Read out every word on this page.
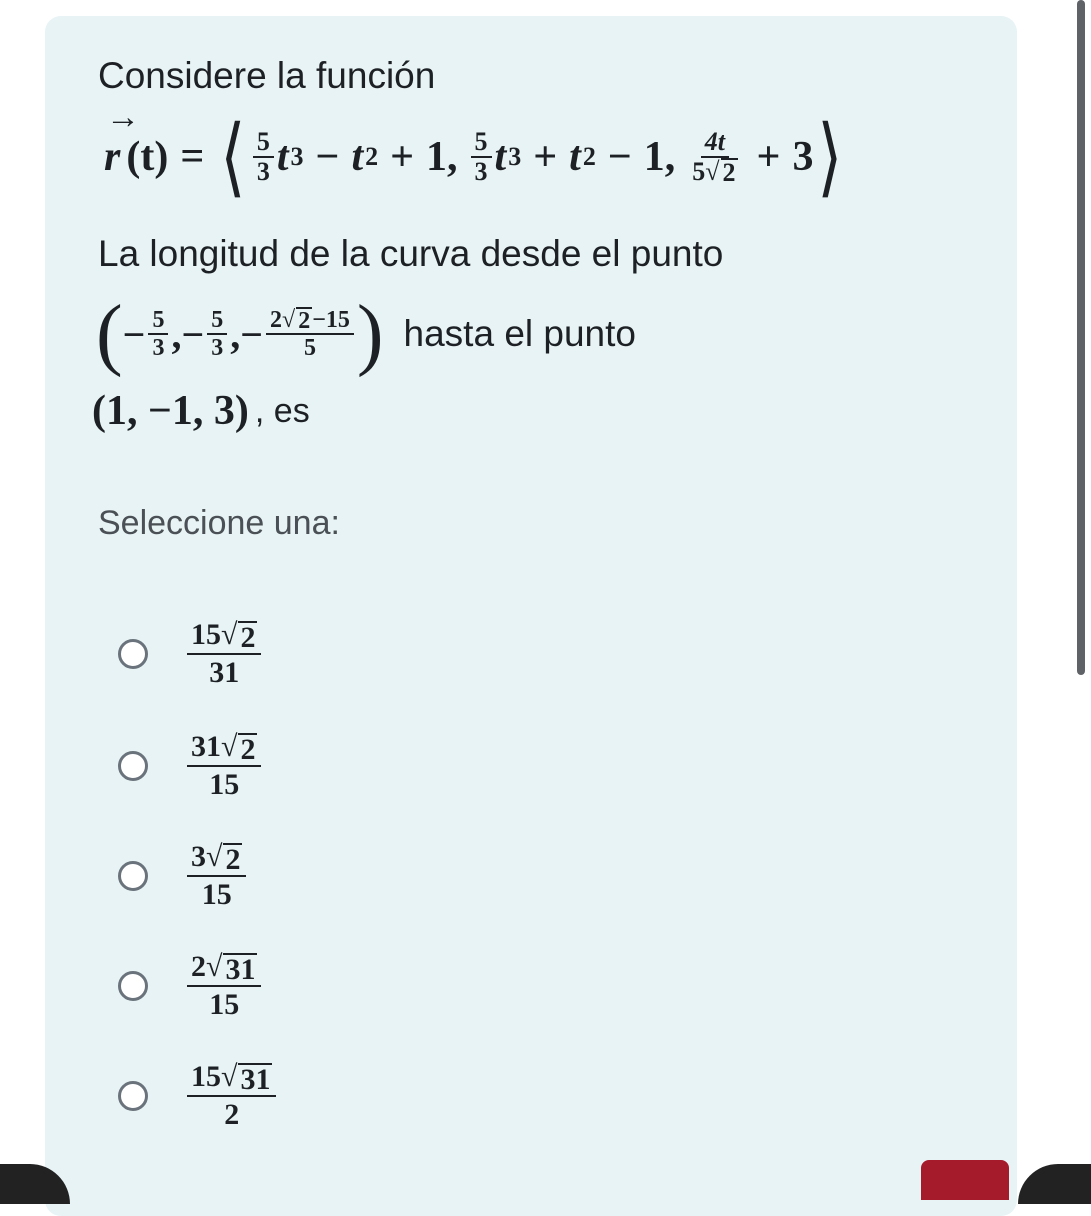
Considere la función

→
r (t) = ⟨ $\frac{5}{3}$ t 3 − t 2 + 1 , $\frac{5}{3}$ t 3 + t 2 − 1 , $\frac{4t}{5 √ 2} + 3$ ⟩

La longitud de la curva desde el punto

( − $\frac{5}{3}$ , − $\frac{5}{3}$ , − $\frac{2 √ 2 -15}{5}$ ) hasta el punto
(1, −1, 3) , es

Seleccione una:

$\frac{15 √ 2}{31}$
$\frac{31 √ 2}{15}$
$\frac{3 √ 2}{15}$
$\frac{2 √ 31}{15}$
$\frac{15 √ 31}{2}$
